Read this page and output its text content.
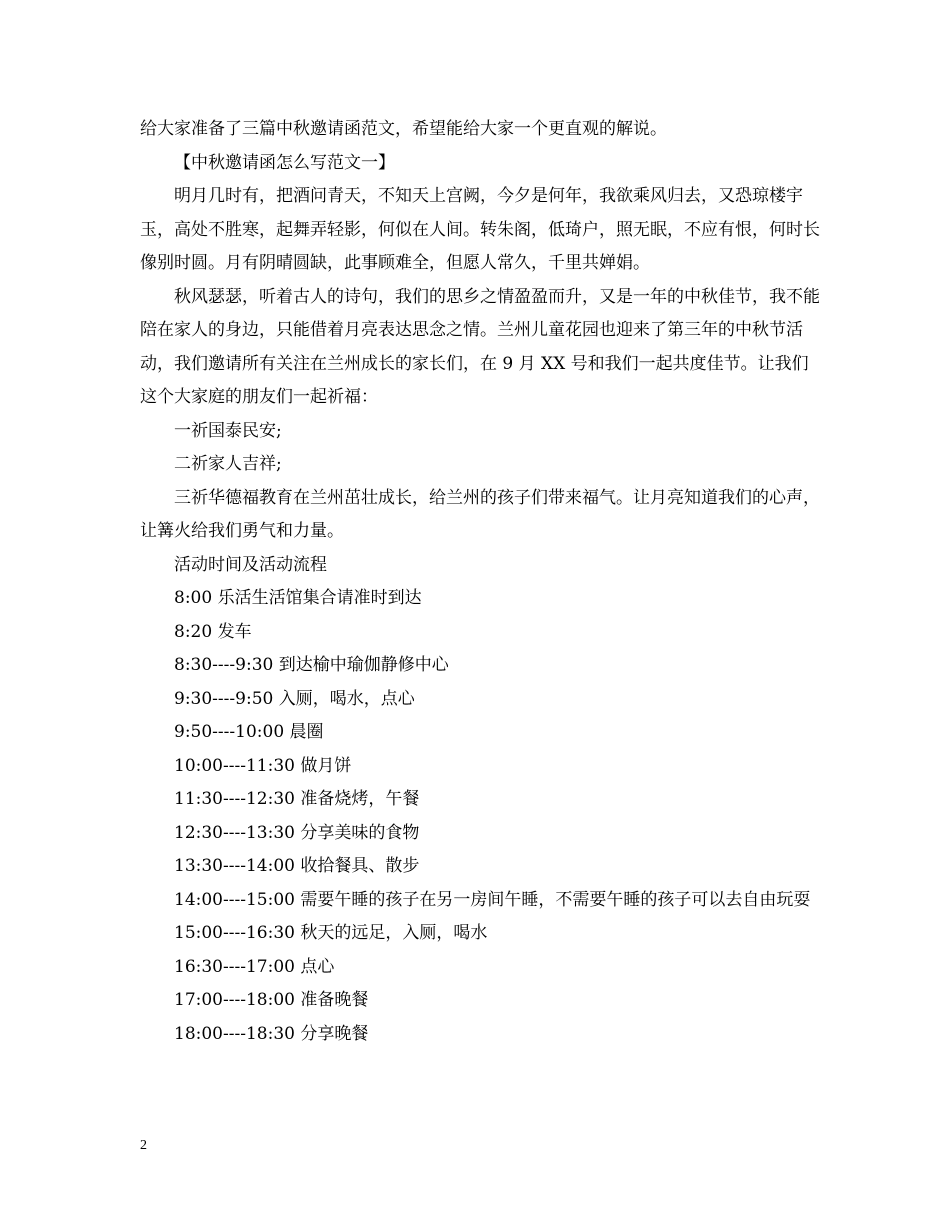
给大家准备了三篇中秋邀请函范文，希望能给大家一个更直观的解说。

【中秋邀请函怎么写范文一】

明月几时有，把酒问青天，不知天上宫阙，今夕是何年，我欲乘风归去，又恐琼楼宇玉，高处不胜寒，起舞弄轻影，何似在人间。转朱阁，低琦户，照无眠，不应有恨，何时长像别时圆。月有阴晴圆缺，此事顾难全，但愿人常久，千里共婵娟。

秋风瑟瑟，听着古人的诗句，我们的思乡之情盈盈而升，又是一年的中秋佳节，我不能陪在家人的身边，只能借着月亮表达思念之情。兰州儿童花园也迎来了第三年的中秋节活动，我们邀请所有关注在兰州成长的家长们，在 9 月 XX 号和我们一起共度佳节。让我们这个大家庭的朋友们一起祈福：

一祈国泰民安;

二祈家人吉祥;

三祈华德福教育在兰州茁壮成长，给兰州的孩子们带来福气。让月亮知道我们的心声，让篝火给我们勇气和力量。

活动时间及活动流程

8:00 乐活生活馆集合请准时到达

8:20 发车

8:30----9:30 到达榆中瑜伽静修中心

9:30----9:50 入厕，喝水，点心

9:50----10:00 晨圈

10:00----11:30 做月饼

11:30----12:30 准备烧烤，午餐

12:30----13:30 分享美味的食物

13:30----14:00 收拾餐具、散步

14:00----15:00 需要午睡的孩子在另一房间午睡，不需要午睡的孩子可以去自由玩耍

15:00----16:30 秋天的远足，入厕，喝水

16:30----17:00 点心

17:00----18:00 准备晚餐

18:00----18:30 分享晚餐

2
